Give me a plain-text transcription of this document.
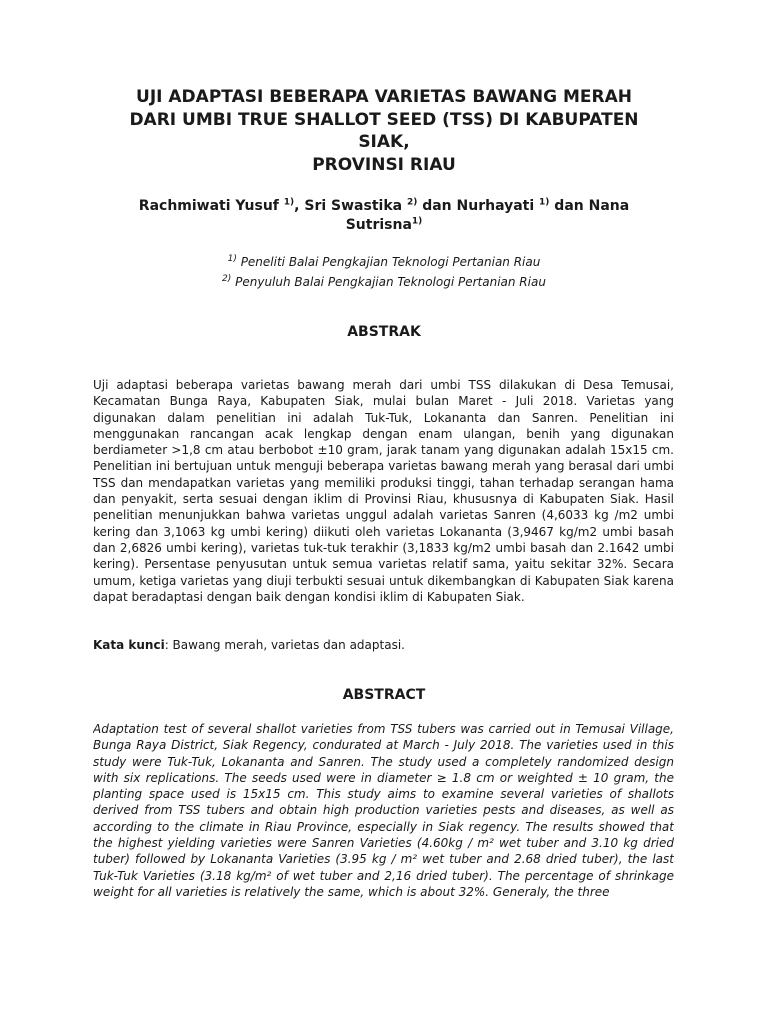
UJI ADAPTASI BEBERAPA VARIETAS BAWANG MERAH
DARI UMBI TRUE SHALLOT SEED (TSS) DI KABUPATEN
SIAK,
PROVINSI RIAU
Rachmiwati Yusuf $^{1)}$, Sri Swastika $^{2)}$ dan Nurhayati $^{1)}$ dan Nana Sutrisna$^{1)}$
$^{1)}$ Peneliti Balai Pengkajian Teknologi Pertanian Riau
$^{2)}$ Penyuluh Balai Pengkajian Teknologi Pertanian Riau
ABSTRAK

Uji adaptasi beberapa varietas bawang merah dari umbi TSS dilakukan di Desa Temusai, Kecamatan Bunga Raya, Kabupaten Siak, mulai bulan Maret - Juli 2018. Varietas yang digunakan dalam penelitian ini adalah Tuk-Tuk, Lokananta dan Sanren. Penelitian ini menggunakan rancangan acak lengkap dengan enam ulangan, benih yang digunakan berdiameter >1,8 cm atau berbobot ±10 gram, jarak tanam yang digunakan adalah 15x15 cm. Penelitian ini bertujuan untuk menguji beberapa varietas bawang merah yang berasal dari umbi TSS dan mendapatkan varietas yang memiliki produksi tinggi, tahan terhadap serangan hama dan penyakit, serta sesuai dengan iklim di Provinsi Riau, khususnya di Kabupaten Siak. Hasil penelitian menunjukkan bahwa varietas unggul adalah varietas Sanren (4,6033 kg /m2 umbi kering dan 3,1063 kg umbi kering) diikuti oleh varietas Lokananta (3,9467 kg/m2 umbi basah dan 2,6826 umbi kering), varietas tuk-tuk terakhir (3,1833 kg/m2 umbi basah dan 2.1642 umbi kering). Persentase penyusutan untuk semua varietas relatif sama, yaitu sekitar 32%. Secara umum, ketiga varietas yang diuji terbukti sesuai untuk dikembangkan di Kabupaten Siak karena dapat beradaptasi dengan baik dengan kondisi iklim di Kabupaten Siak.

Kata kunci: Bawang merah, varietas dan adaptasi.

ABSTRACT

Adaptation test of several shallot varieties from TSS tubers was carried out in Temusai Village, Bunga Raya District, Siak Regency, condurated at March - July 2018. The varieties used in this study were Tuk-Tuk, Lokananta and Sanren. The study used a completely randomized design with six replications. The seeds used were in diameter ≥ 1.8 cm or weighted ± 10 gram, the planting space used is 15x15 cm. This study aims to examine several varieties of shallots derived from TSS tubers and obtain high production varieties pests and diseases, as well as according to the climate in Riau Province, especially in Siak regency. The results showed that the highest yielding varieties were Sanren Varieties (4.60kg / m² wet tuber and 3.10 kg dried tuber) followed by Lokananta Varieties (3.95 kg / m² wet tuber and 2.68 dried tuber), the last Tuk-Tuk Varieties (3.18 kg/m² of wet tuber and 2,16 dried tuber). The percentage of shrinkage weight for all varieties is relatively the same, which is about 32%. Generaly, the three
